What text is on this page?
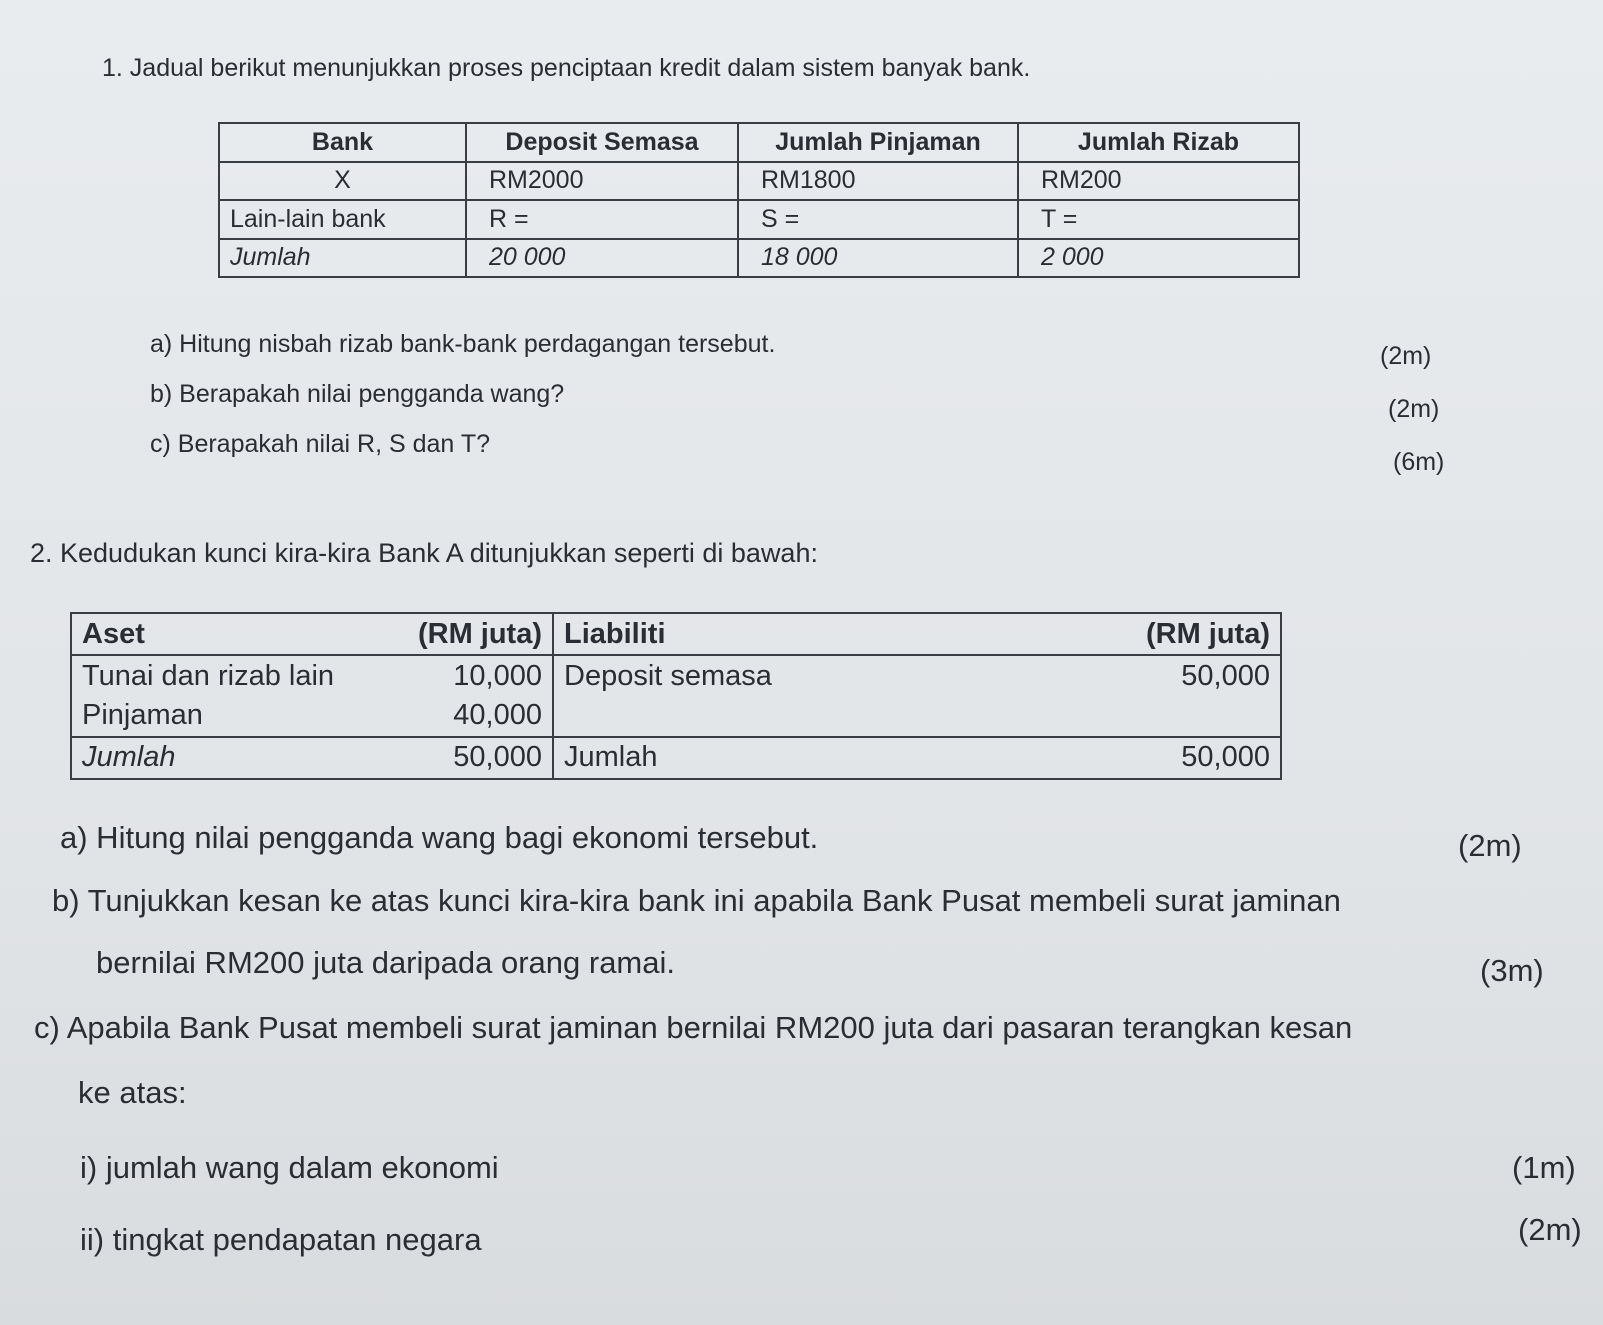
1. Jadual berikut menunjukkan proses penciptaan kredit dalam sistem banyak bank.
Bank	Deposit Semasa	Jumlah Pinjaman	Jumlah Rizab
X	RM2000	RM1800	RM200
Lain-lain bank	R =	S =	T =
Jumlah	20 000	18 000	2 000
a) Hitung nisbah rizab bank-bank perdagangan tersebut.	(2m)
b) Berapakah nilai pengganda wang?
(2m)
c) Berapakah nilai R, S dan T?
(6m)
2. Kedudukan kunci kira-kira Bank A ditunjukkan seperti di bawah:
Aset	(RM juta)	Liabiliti	(RM juta)
Tunai dan rizab lain	10,000	Deposit semasa	50,000
Pinjaman	40,000		
Jumlah	50,000	Jumlah	50,000
a) Hitung nilai pengganda wang bagi ekonomi tersebut.	(2m)
b) Tunjukkan kesan ke atas kunci kira-kira bank ini apabila Bank Pusat membeli surat jaminan
bernilai RM200 juta daripada orang ramai.	(3m)
c) Apabila Bank Pusat membeli surat jaminan bernilai RM200 juta dari pasaran terangkan kesan
ke atas:
i) jumlah wang dalam ekonomi	(1m)
ii) tingkat pendapatan negara	(2m)
